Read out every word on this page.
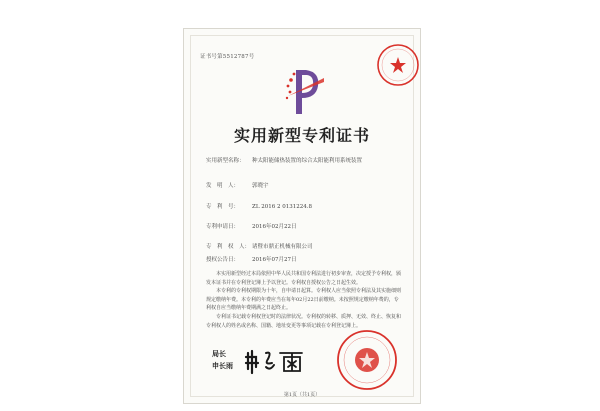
证书号第5512787号
实用新型专利证书
实用新型名称： 种太阳能储热装置的综合太阳能利用系统装置
发　明　人： 郭晓宇
专　利　号： ZL 2016 2 0131224.8
专利申请日： 2016年02月22日
专　利　权　人： 诸暨市鼎正机械有限公司
授权公告日： 2016年07月27日

本实用新型经过本局依照中华人民共和国专利法进行初步审查，决定授予专利权，颁发本证书并在专利登记簿上予以登记。专利权自授权公告之日起生效。

本专利的专利权期限为十年，自申请日起算。专利权人应当依照专利法及其实施细则规定缴纳年费。本专利的年费应当在每年02月22日前缴纳。未按照规定缴纳年费的，专利权自应当缴纳年费期满之日起终止。

专利证书记载专利权登记时的法律状况。专利权的转移、质押、无效、终止、恢复和专利权人的姓名或名称、国籍、地址变更等事项记载在专利登记簿上。

局长
申长雨
第1页（共1页）
